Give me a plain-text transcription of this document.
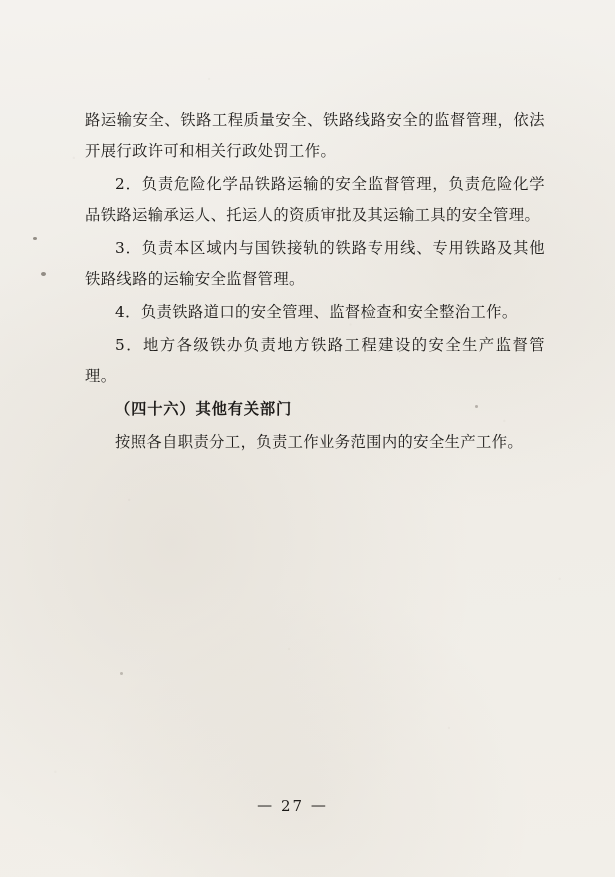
路运输安全、铁路工程质量安全、铁路线路安全的监督管理，依法开展行政许可和相关行政处罚工作。

2．负责危险化学品铁路运输的安全监督管理，负责危险化学品铁路运输承运人、托运人的资质审批及其运输工具的安全管理。

3．负责本区域内与国铁接轨的铁路专用线、专用铁路及其他铁路线路的运输安全监督管理。

4．负责铁路道口的安全管理、监督检查和安全整治工作。

5．地方各级铁办负责地方铁路工程建设的安全生产监督管理。

（四十六）其他有关部门

按照各自职责分工，负责工作业务范围内的安全生产工作。

— 27 —
